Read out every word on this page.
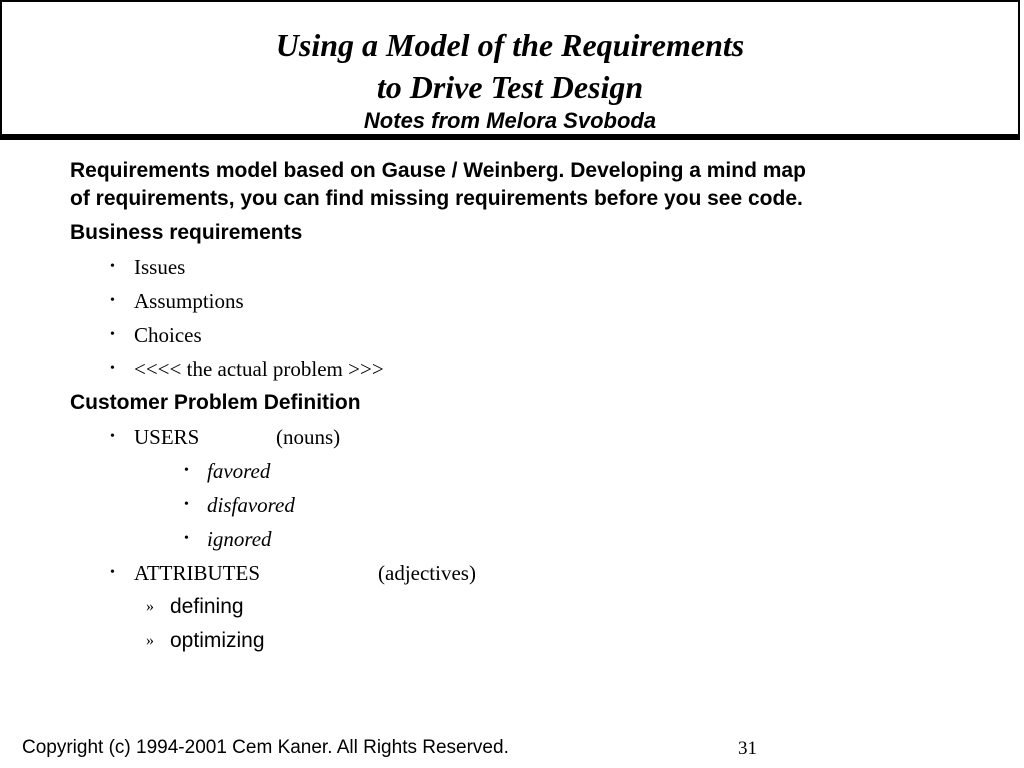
Using a Model of the Requirements

to Drive Test Design

Notes from Melora Svoboda

Requirements model based on Gause / Weinberg. Developing a mind map
of requirements, you can find missing requirements before you see code.

Business requirements

• Issues

• Assumptions

• Choices

• <<<< the actual problem >>>

Customer Problem Definition

• USERS	(nouns)

• favored

• disfavored

• ignored

• ATTRIBUTES	(adjectives)

» defining

» optimizing

Copyright (c) 1994-2001 Cem Kaner. All Rights Reserved.	31
